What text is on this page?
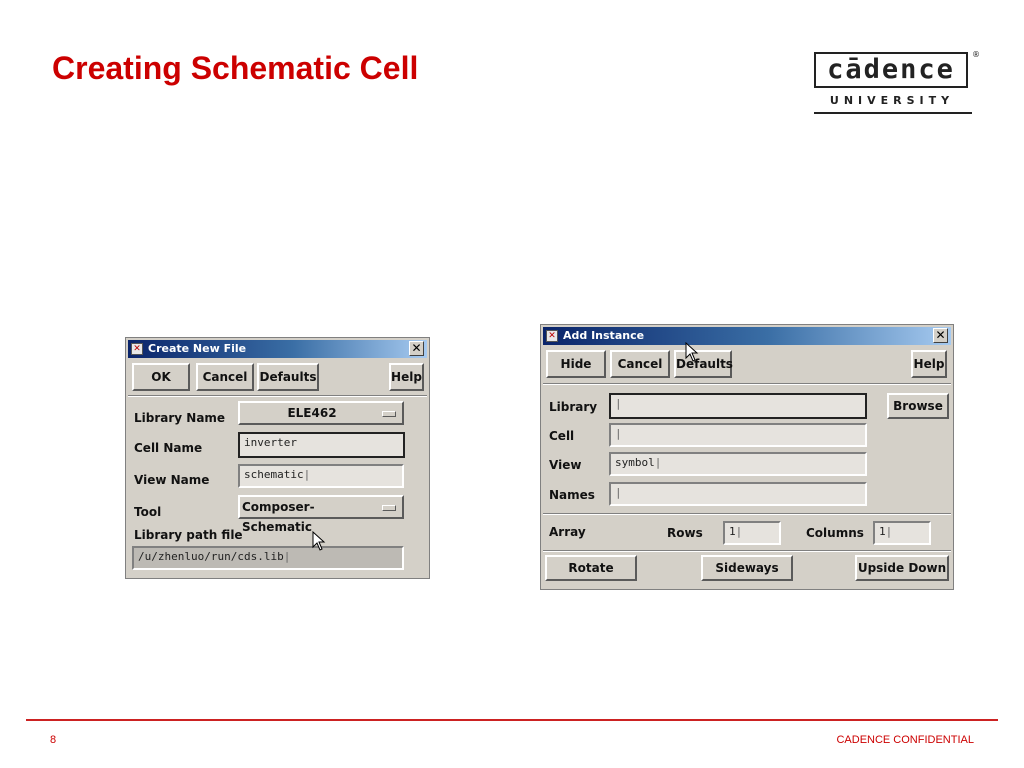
Creating Schematic Cell	cādence	®
UNIVERSITY
✕ Create New File	✕
OK	Cancel	Defaults	Help
Library Name	ELE462
Cell Name	inverter
View Name	schematic|
Tool	Composer- Schematic
Library path file
/u/zhenluo/run/cds.lib|
✕ Add Instance	✕
Hide	Cancel	Defaults	Help
Library	|	Browse
Cell	|
View	symbol|
Names	|
Array	Rows	1|	Columns	1|
Rotate	Sideways	Upside Down
8	CADENCE CONFIDENTIAL
